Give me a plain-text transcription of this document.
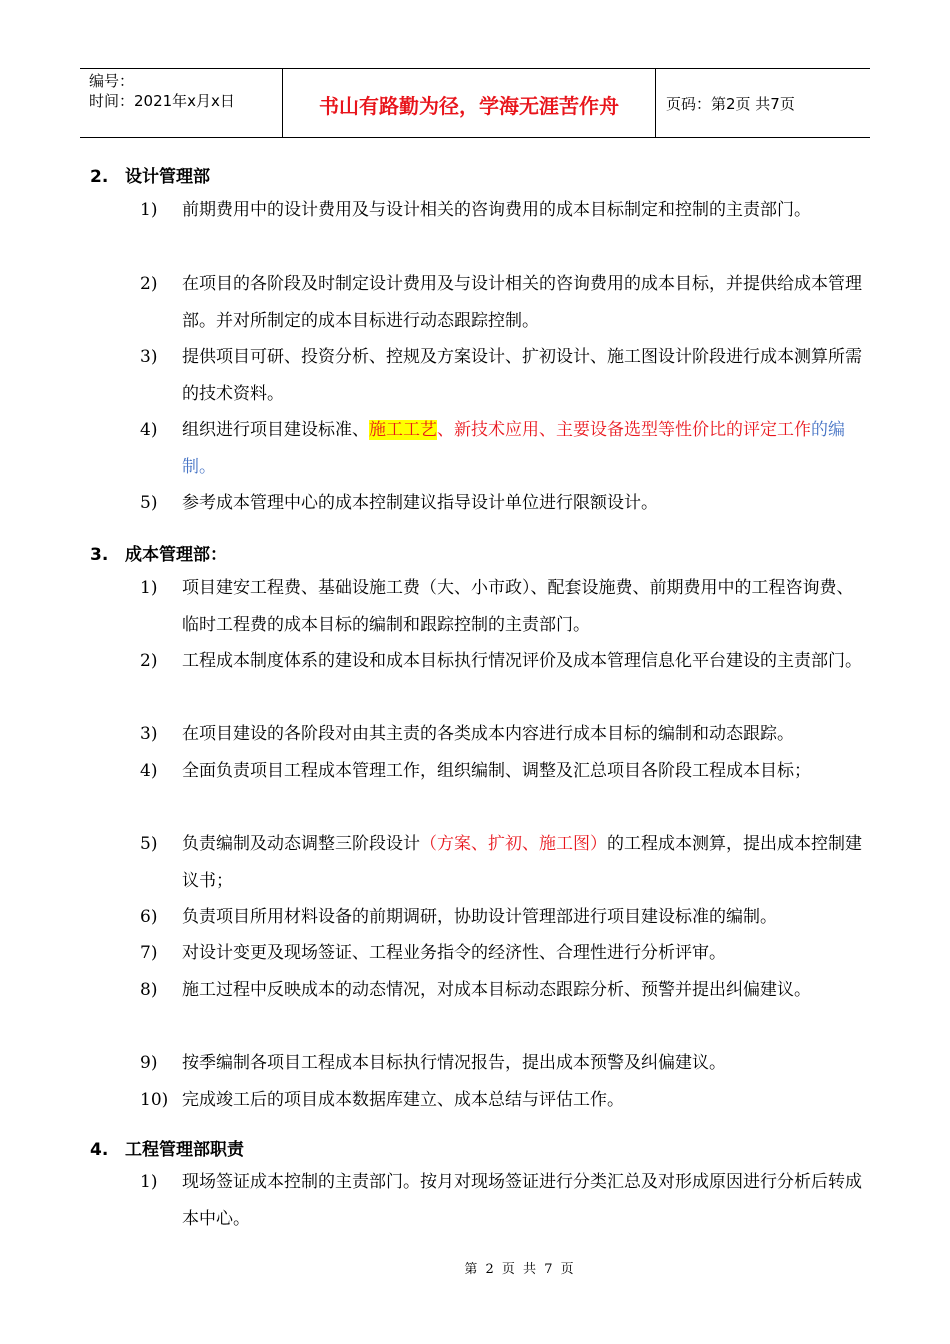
编号：
时间：2021年x月x日	书山有路勤为径，学海无涯苦作舟	页码：第2页 共7页
2. 设计管理部
1)	前期费用中的设计费用及与设计相关的咨询费用的成本目标制定和控制的主责部门。
2)	在项目的各阶段及时制定设计费用及与设计相关的咨询费用的成本目标，并提供给成本管理部。并对所制定的成本目标进行动态跟踪控制。
3)	提供项目可研、投资分析、控规及方案设计、扩初设计、施工图设计阶段进行成本测算所需的技术资料。
4)	组织进行项目建设标准、施工工艺、新技术应用、主要设备选型等性价比的评定工作的编制。
5)	参考成本管理中心的成本控制建议指导设计单位进行限额设计。
3. 成本管理部：
1)	项目建安工程费、基础设施工费（大、小市政）、配套设施费、前期费用中的工程咨询费、临时工程费的成本目标的编制和跟踪控制的主责部门。
2)	工程成本制度体系的建设和成本目标执行情况评价及成本管理信息化平台建设的主责部门。
3)	在项目建设的各阶段对由其主责的各类成本内容进行成本目标的编制和动态跟踪。
4)	全面负责项目工程成本管理工作，组织编制、调整及汇总项目各阶段工程成本目标；
5)	负责编制及动态调整三阶段设计（方案、扩初、施工图）的工程成本测算，提出成本控制建议书；
6)	负责项目所用材料设备的前期调研，协助设计管理部进行项目建设标准的编制。
7)	对设计变更及现场签证、工程业务指令的经济性、合理性进行分析评审。
8)	施工过程中反映成本的动态情况，对成本目标动态跟踪分析、预警并提出纠偏建议。
9)	按季编制各项目工程成本目标执行情况报告，提出成本预警及纠偏建议。
10) 完成竣工后的项目成本数据库建立、成本总结与评估工作。
4. 工程管理部职责
1)	现场签证成本控制的主责部门。按月对现场签证进行分类汇总及对形成原因进行分析后转成本中心。
第 2 页 共 7 页
